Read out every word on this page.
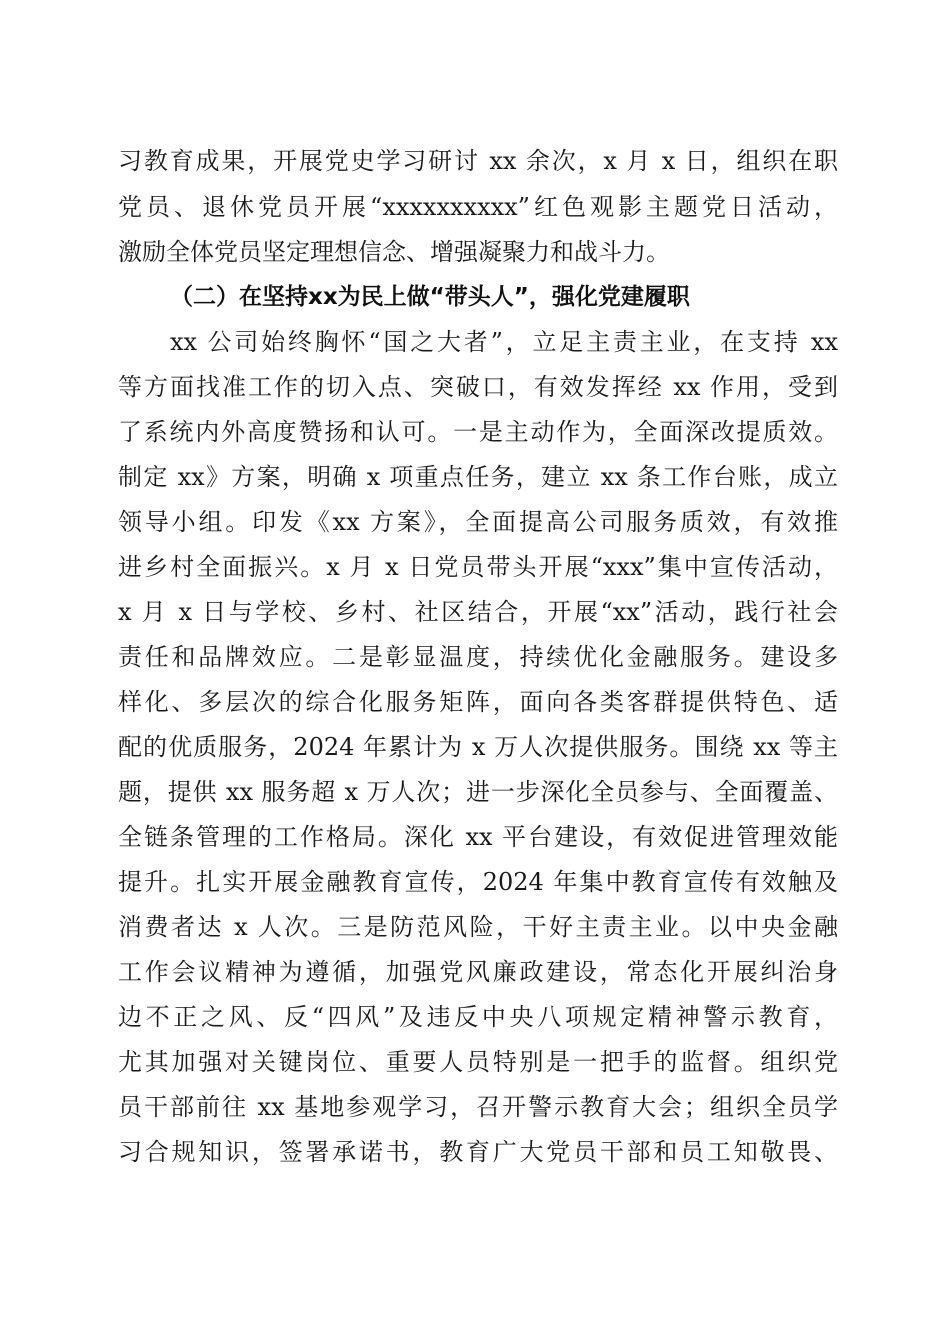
习教育成果，开展党史学习研讨 xx 余次，x 月 x 日，组织在职

党员、退休党员开展“xxxxxxxxxx”红色观影主题党日活动，

激励全体党员坚定理想信念、增强凝聚力和战斗力。

（二）在坚持xx为民上做“带头人”，强化党建履职

xx 公司始终胸怀“国之大者”，立足主责主业，在支持 xx

等方面找准工作的切入点、突破口，有效发挥经 xx 作用，受到

了系统内外高度赞扬和认可。一是主动作为，全面深改提质效。

制定 xx》方案，明确 x 项重点任务，建立 xx 条工作台账，成立

领导小组。印发《xx 方案》，全面提高公司服务质效，有效推

进乡村全面振兴。x 月 x 日党员带头开展“xxx”集中宣传活动，

x 月 x 日与学校、乡村、社区结合，开展“xx”活动，践行社会

责任和品牌效应。二是彰显温度，持续优化金融服务。建设多

样化、多层次的综合化服务矩阵，面向各类客群提供特色、适

配的优质服务，2024 年累计为 x 万人次提供服务。围绕 xx 等主

题，提供 xx 服务超 x 万人次；进一步深化全员参与、全面覆盖、

全链条管理的工作格局。深化 xx 平台建设，有效促进管理效能

提升。扎实开展金融教育宣传，2024 年集中教育宣传有效触及

消费者达 x 人次。三是防范风险，干好主责主业。以中央金融

工作会议精神为遵循，加强党风廉政建设，常态化开展纠治身

边不正之风、反“四风”及违反中央八项规定精神警示教育，

尤其加强对关键岗位、重要人员特别是一把手的监督。组织党

员干部前往 xx 基地参观学习，召开警示教育大会；组织全员学

习合规知识，签署承诺书，教育广大党员干部和员工知敬畏、
